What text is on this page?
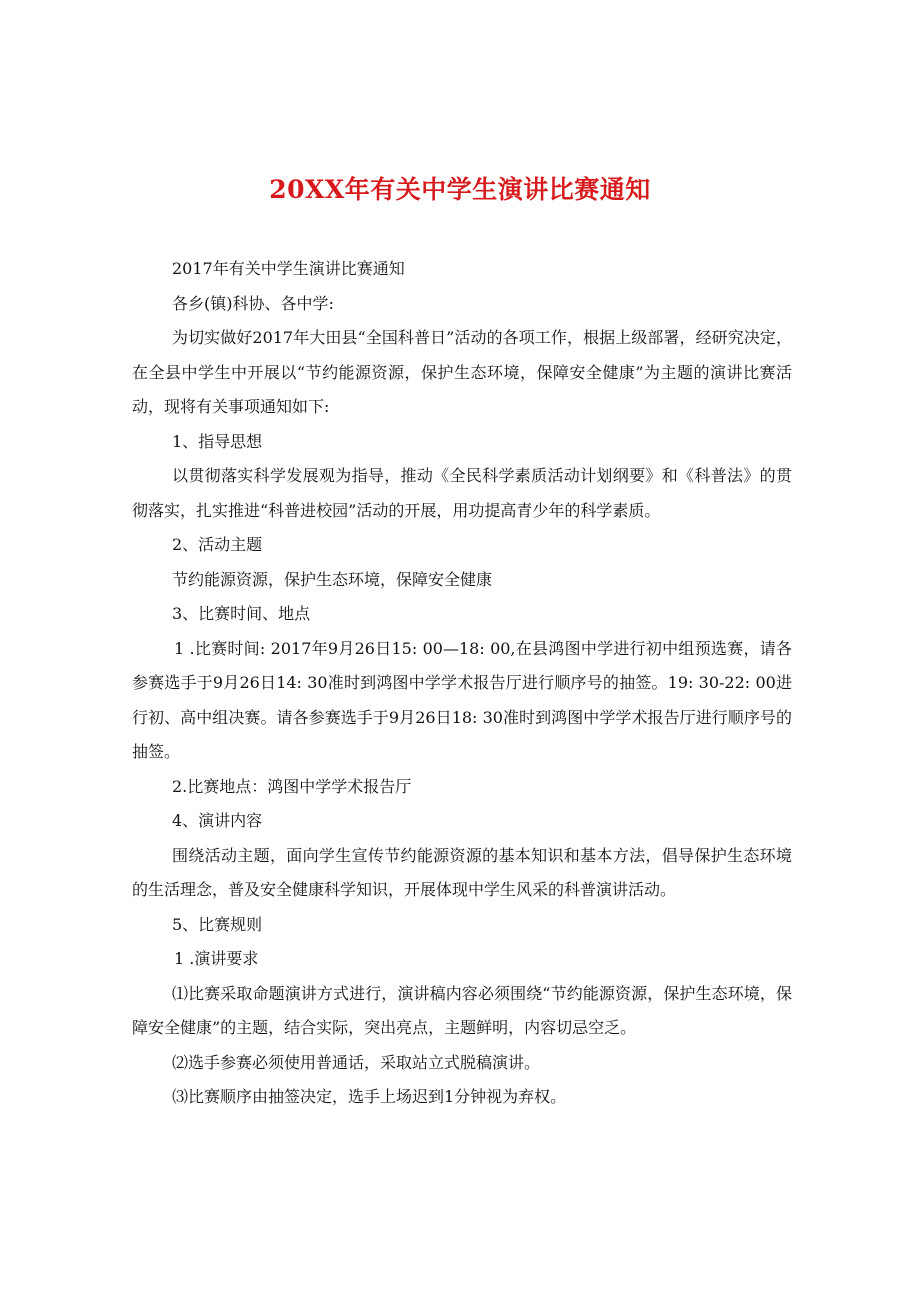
20XX年有关中学生演讲比赛通知

2017年有关中学生演讲比赛通知

各乡(镇)科协、各中学:

为切实做好2017年大田县“全国科普日”活动的各项工作，根据上级部署，经研究决定，在全县中学生中开展以“节约能源资源，保护生态环境，保障安全健康”为主题的演讲比赛活动，现将有关事项通知如下:

1、指导思想

以贯彻落实科学发展观为指导，推动《全民科学素质活动计划纲要》和《科普法》的贯彻落实，扎实推进“科普进校园”活动的开展，用功提高青少年的科学素质。

2、活动主题

节约能源资源，保护生态环境，保障安全健康

3、比赛时间、地点

1 .比赛时间: 2017年9月26日15: 00—18: 00,在县鸿图中学进行初中组预选赛，请各参赛选手于9月26日14: 30准时到鸿图中学学术报告厅进行顺序号的抽签。19: 30-22: 00进行初、高中组决赛。请各参赛选手于9月26日18: 30准时到鸿图中学学术报告厅进行顺序号的抽签。

2.比赛地点：鸿图中学学术报告厅

4、演讲内容

围绕活动主题，面向学生宣传节约能源资源的基本知识和基本方法，倡导保护生态环境的生活理念，普及安全健康科学知识，开展体现中学生风采的科普演讲活动。

5、比赛规则

1 .演讲要求

⑴比赛采取命题演讲方式进行，演讲稿内容必须围绕“节约能源资源，保护生态环境，保障安全健康”的主题，结合实际，突出亮点，主题鲜明，内容切忌空乏。

⑵选手参赛必须使用普通话，采取站立式脱稿演讲。

⑶比赛顺序由抽签决定，选手上场迟到1分钟视为弃权。
